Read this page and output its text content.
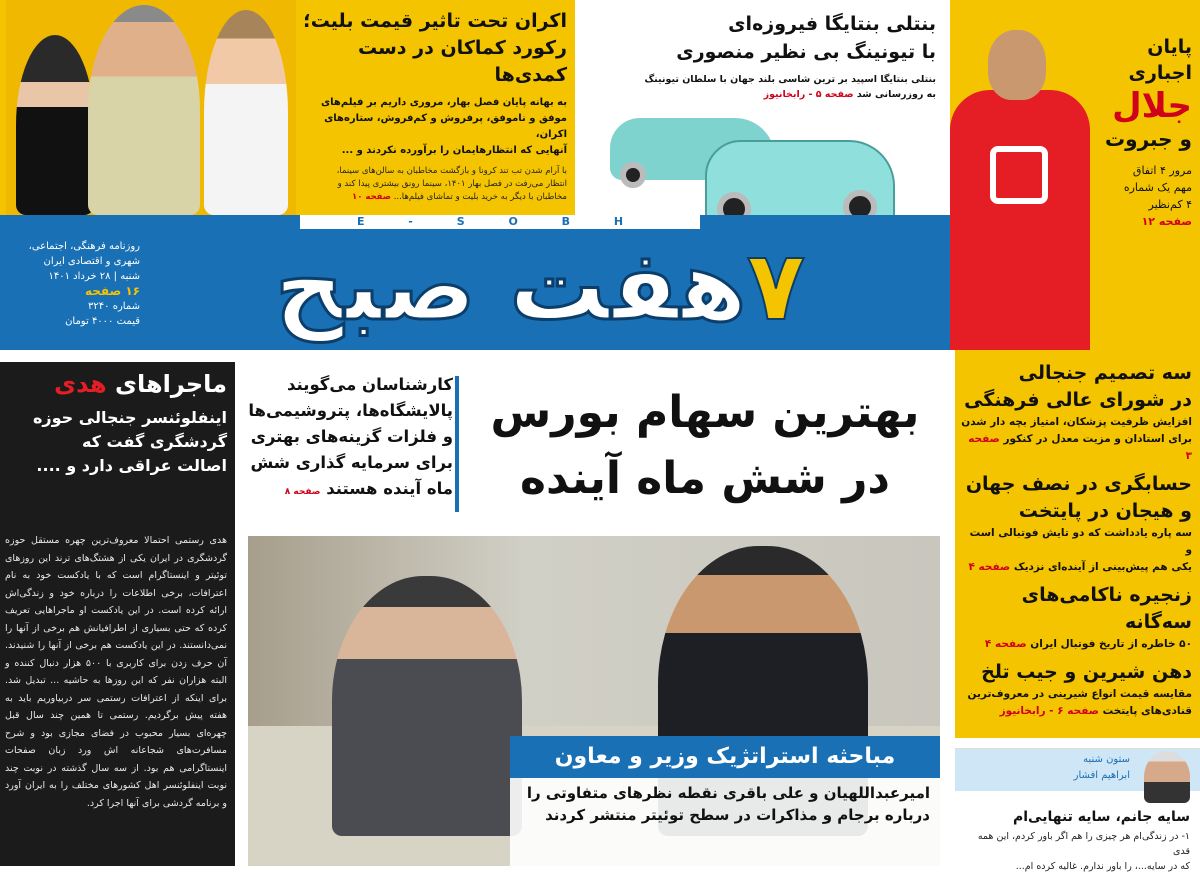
اکران تحت تاثیر قیمت بلیت؛
رکورد کماکان در دست کمدی‌ها
به بهانه پایان فصل بهار، مروری داریم بر فیلم‌های
موفق و ناموفق، پرفروش و کم‌فروش، ستاره‌های اکران،
آنهایی که انتظارهایمان را برآورده نکردند و ...
با آرام شدن تب تند کرونا و بازگشت مخاطبان به سالن‌های سینما،
انتظار می‌رفت در فصل بهار ۱۴۰۱، سینما رونق بیشتری پیدا کند و
مخاطبان با دیگر به خرید بلیت و تماشای فیلم‌ها... صفحه ۱۰
بنتلی بنتایگا فیروزه‌ای
با تیونینگ بی نظیر منصوری
بنتلی بنتایگا اسپید بر ترین شاسی بلند جهان با سلطان تیونینگ
به روزرسانی شد صفحه ۵ - رابخانیوز
پایان اجباری
جلال
و جبروت
مرور ۴ اتفاق
مهم یک شماره
۴ کم‌نظیر
صفحه ۱۲
E - S O B H
۷هفت صبح
روزنامه فرهنگی، اجتماعی،
شهری و اقتصادی ایران
شنبه | ۲۸ خرداد ۱۴۰۱
۱۶ صفحه
شماره ۳۲۴۰
قیمت ۴۰۰۰ تومان
ماجراهای هدی
اینفلوئنسر جنجالی حوزه
گردشگری گفت که
اصالت عراقی دارد و ....
هدی رستمی احتمالا معروف‌ترین چهره مستقل حوزه گردشگری در ایران یکی از هشتگ‌های ترند این روزهای توئیتر و اینستاگرام است که با یادکست خود به نام اعترافات، برخی اطلاعات را درباره خود و زندگی‌اش ارائه کرده است. در این یادکست او ماجراهایی تعریف کرده که حتی بسیاری از اطرافیانش هم برخی از آنها را نمی‌دانستند. در این یادکست هم برخی از آنها را شنیدند. آن حرف زدن برای کاربری با ۵۰۰ هزار دنبال کننده و البته هزاران نفر که این روزها به حاشیه ... تبدیل شد. برای اینکه از اعترافات رستمی سر دربیاوریم باید به هفته پیش برگردیم. رستمی تا همین چند سال قبل چهره‌ای بسیار محبوب در فضای مجازی بود و شرح مسافرت‌های شجاعانه اش ورد زبان صفحات اینستاگرامی هم بود. از سه سال گذشته در نوبت چند نوبت اینفلوئنسر اهل کشورهای مختلف را به ایران آورد و برنامه گردشی برای آنها اجرا کرد.
بهترین سهام بورس
در شش ماه آینده
کارشناسان می‌گویند
پالایشگاه‌ها، پتروشیمی‌ها
و فلزات گزینه‌های بهتری
برای سرمایه گذاری شش
ماه آینده هستند صفحه ۸
مباحثه استراتژیک وزیر و معاون
امیرعبداللهیان و علی باقری نقطه نظرهای متفاوتی را
درباره برجام و مذاکرات در سطح توئیتر منتشر کردند
سه تصمیم جنجالی
در شورای عالی فرهنگی
افزایش ظرفیت پزشکان، امتیاز بچه دار شدن
برای استادان و مزیت معدل در کنکور صفحه ۳
حسابگری در نصف جهان
و هیجان در پایتخت
سه پاره یادداشت که دو تایش فوتبالی است و
یکی هم پیش‌بینی از آینده‌ای نزدیک صفحه ۴
زنجیره ناکامی‌های سه‌گانه
۵۰ خاطره از تاریخ فوتبال ایران صفحه ۴
دهن شیرین و جیب تلخ
مقایسه قیمت انواع شیرینی در معروف‌ترین
قنادی‌های پایتخت صفحه ۶ - رابخانیوز
ستون شنبه
ابراهیم افشار
سایه جانم، سایه تنهایی‌ام
۱- در زندگی‌ام هر چیزی را هم اگر باور کردم، این همه قدی
که در سایه...، را باور ندارم. غالیه کرده ام...
